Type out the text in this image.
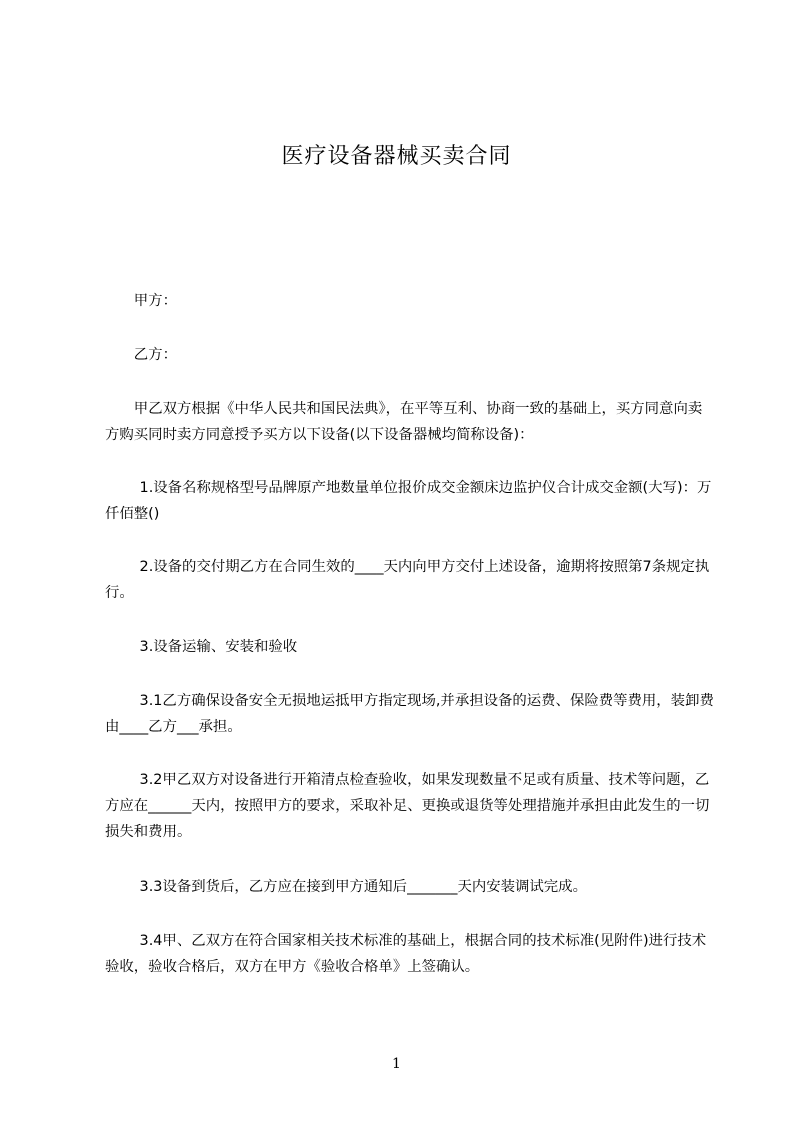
医疗设备器械买卖合同

甲方：

乙方：

甲乙双方根据《中华人民共和国民法典》，在平等互利、协商一致的基础上，买方同意向卖方购买同时卖方同意授予买方以下设备(以下设备器械均简称设备)：

1.设备名称规格型号品牌原产地数量单位报价成交金额床边监护仪合计成交金额(大写)：万仟佰整()

2.设备的交付期乙方在合同生效的____天内向甲方交付上述设备，逾期将按照第7条规定执行。

3.设备运输、安装和验收

3.1乙方确保设备安全无损地运抵甲方指定现场,并承担设备的运费、保险费等费用，装卸费由____乙方___承担。

3.2甲乙双方对设备进行开箱清点检查验收，如果发现数量不足或有质量、技术等问题，乙方应在______天内，按照甲方的要求，采取补足、更换或退货等处理措施并承担由此发生的一切损失和费用。

3.3设备到货后，乙方应在接到甲方通知后_______天内安装调试完成。

3.4甲、乙双方在符合国家相关技术标准的基础上，根据合同的技术标准(见附件)进行技术验收，验收合格后，双方在甲方《验收合格单》上签确认。

1
